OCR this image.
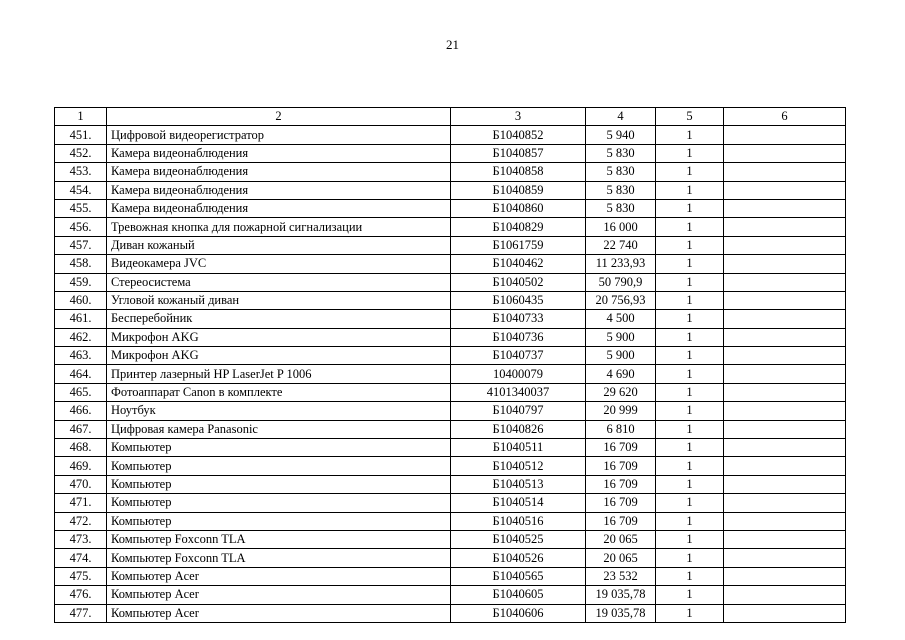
21
1	2	3	4	5	6
451.	Цифровой видеорегистратор	Б1040852	5 940	1	
452.	Камера видеонаблюдения	Б1040857	5 830	1	
453.	Камера видеонаблюдения	Б1040858	5 830	1	
454.	Камера видеонаблюдения	Б1040859	5 830	1	
455.	Камера видеонаблюдения	Б1040860	5 830	1	
456.	Тревожная кнопка для пожарной сигнализации	Б1040829	16 000	1	
457.	Диван кожаный	Б1061759	22 740	1	
458.	Видеокамера JVC	Б1040462	11 233,93	1	
459.	Стереосистема	Б1040502	50 790,9	1	
460.	Угловой кожаный диван	Б1060435	20 756,93	1	
461.	Бесперебойник	Б1040733	4 500	1	
462.	Микрофон AKG	Б1040736	5 900	1	
463.	Микрофон AKG	Б1040737	5 900	1	
464.	Принтер лазерный HP LaserJet P 1006	10400079	4 690	1	
465.	Фотоаппарат Canon в комплекте	4101340037	29 620	1	
466.	Ноутбук	Б1040797	20 999	1	
467.	Цифровая камера Panasonic	Б1040826	6 810	1	
468.	Компьютер	Б1040511	16 709	1	
469.	Компьютер	Б1040512	16 709	1	
470.	Компьютер	Б1040513	16 709	1	
471.	Компьютер	Б1040514	16 709	1	
472.	Компьютер	Б1040516	16 709	1	
473.	Компьютер Foxconn TLA	Б1040525	20 065	1	
474.	Компьютер Foxconn TLA	Б1040526	20 065	1	
475.	Компьютер Acer	Б1040565	23 532	1	
476.	Компьютер Acer	Б1040605	19 035,78	1	
477.	Компьютер Acer	Б1040606	19 035,78	1	
